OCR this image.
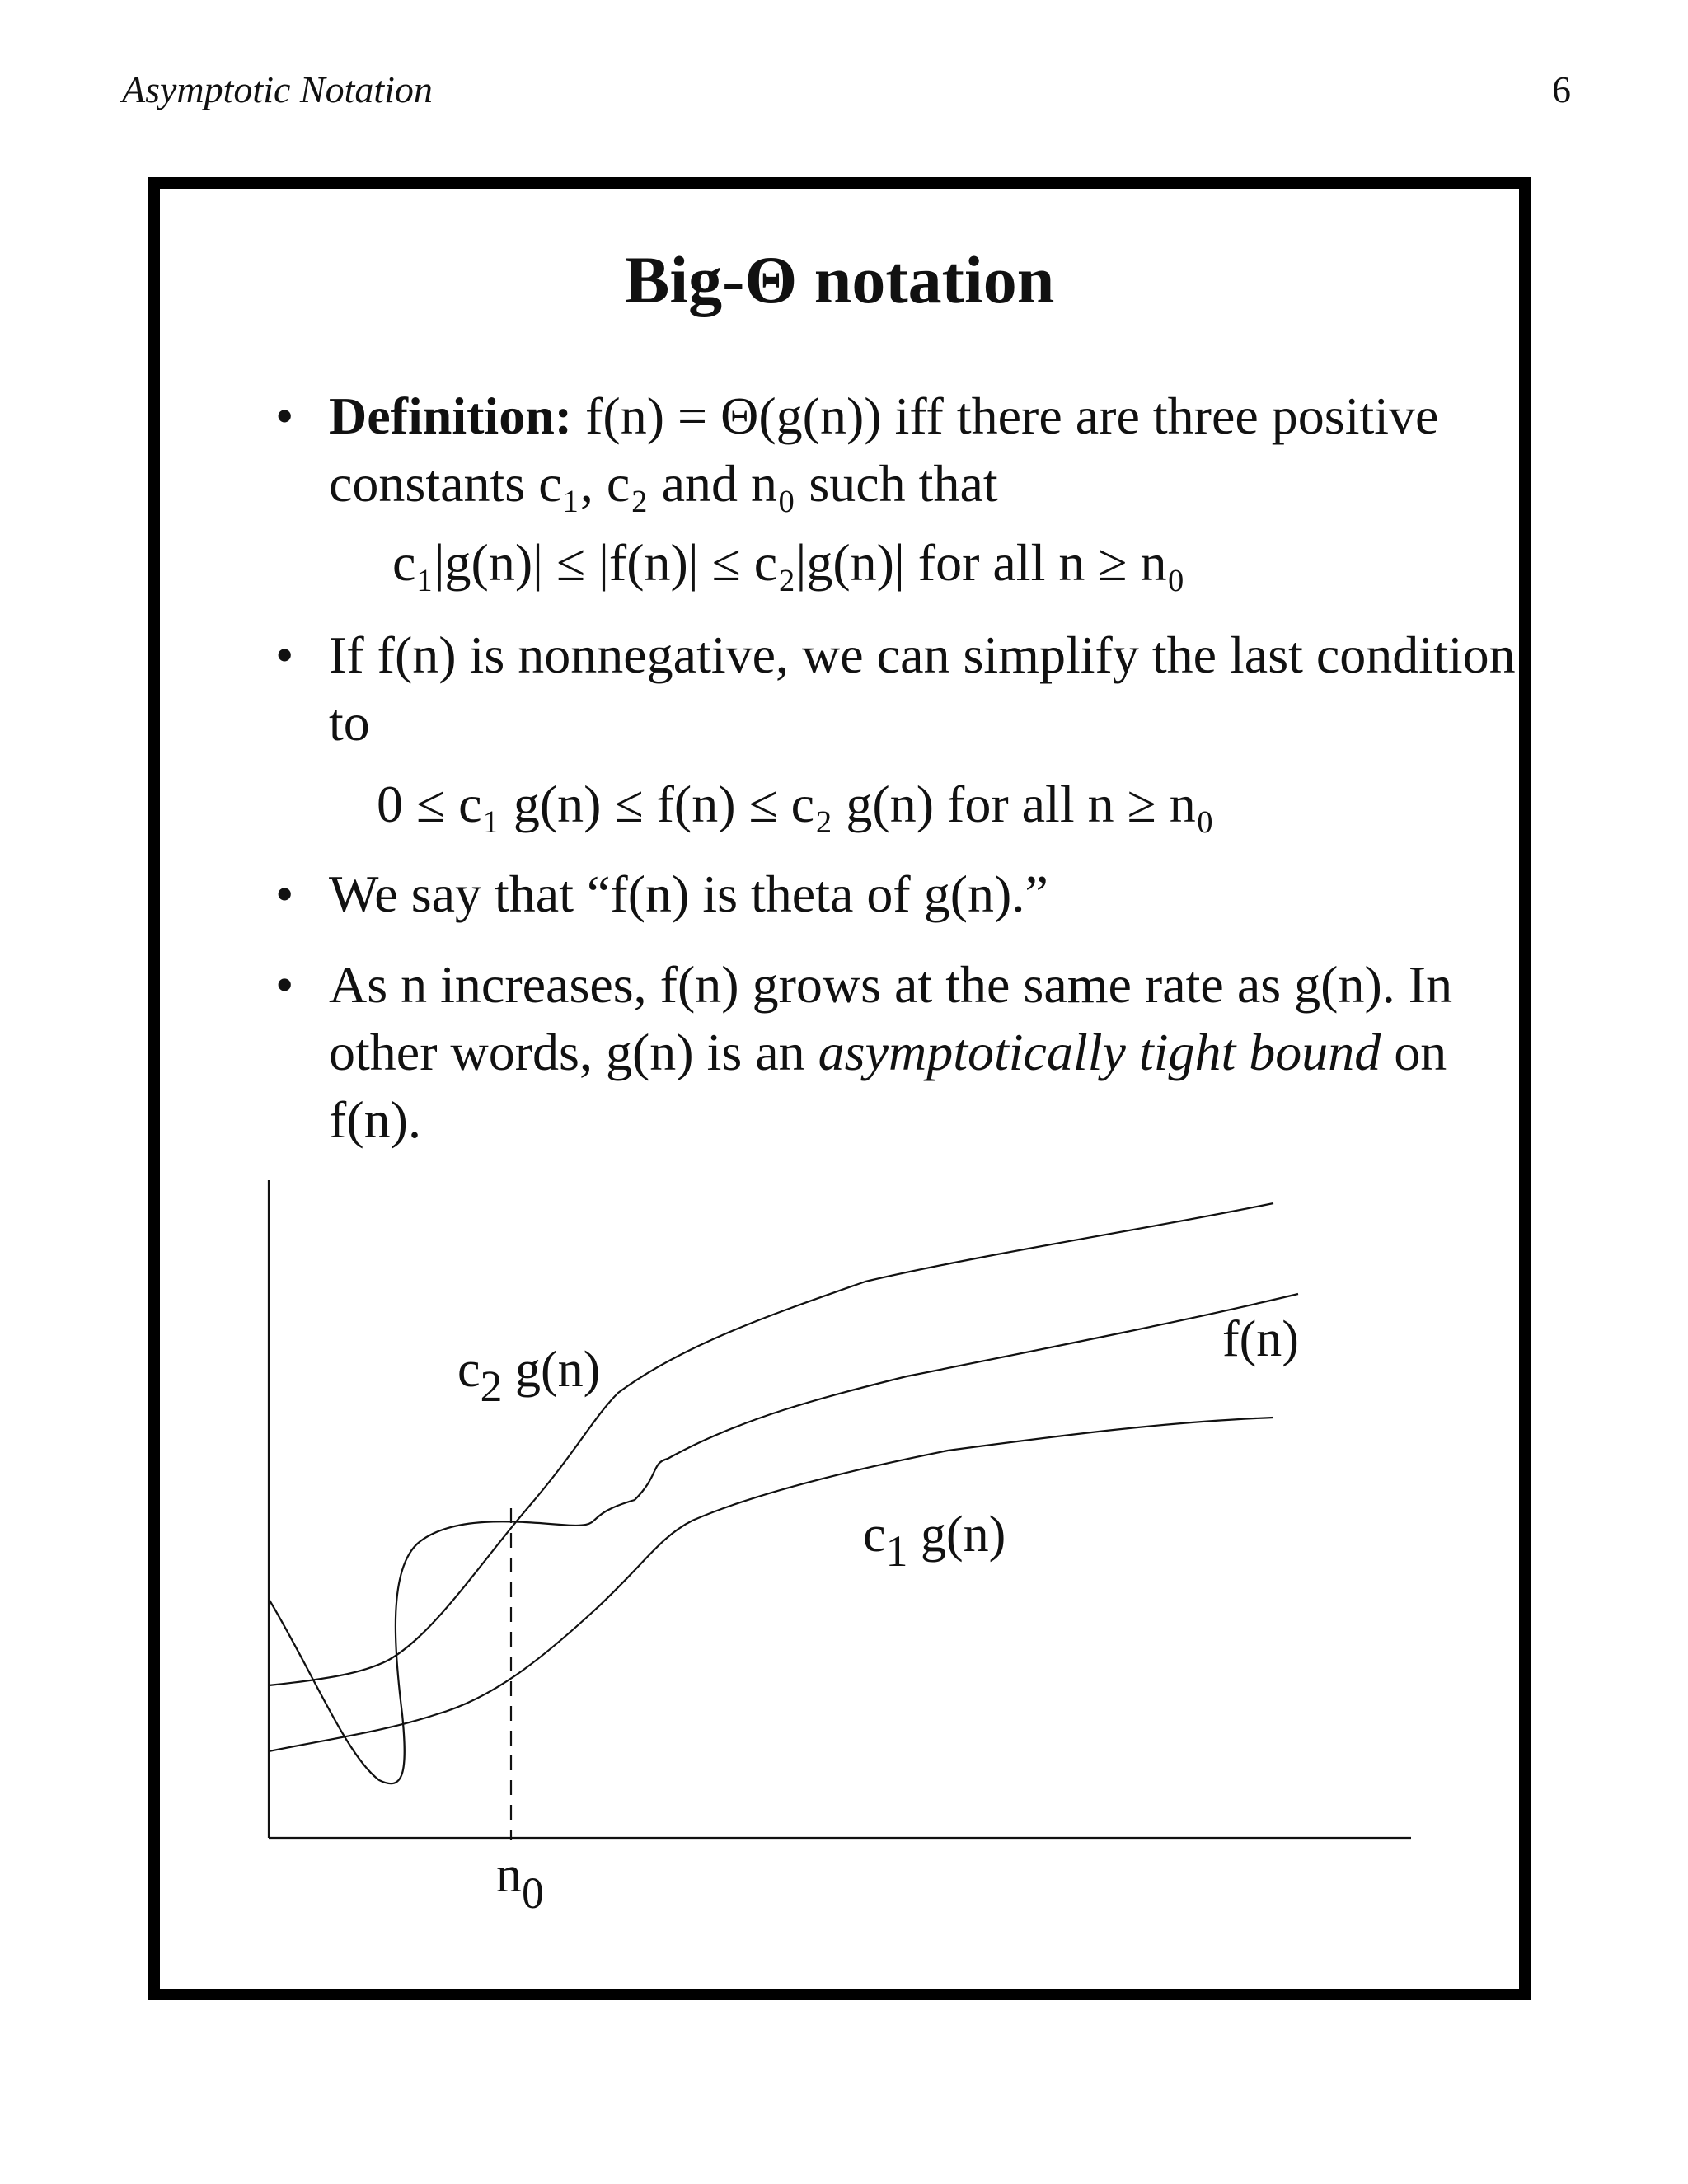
Asymptotic Notation	6
Big-Θ notation
• Definition: f(n) = Θ(g(n)) iff there are three positive constants c₁, c₂ and n₀ such that
c₁|g(n)| ≤ |f(n)| ≤ c₂|g(n)| for all n ≥ n₀
• If f(n) is nonnegative, we can simplify the last condition to
0 ≤ c₁ g(n) ≤ f(n) ≤ c₂ g(n) for all n ≥ n₀
• We say that “f(n) is theta of g(n).”
• As n increases, f(n) grows at the same rate as g(n). In other words, g(n) is an asymptotically tight bound on f(n).
c2 g(n)
f(n)
c1 g(n)
n0
